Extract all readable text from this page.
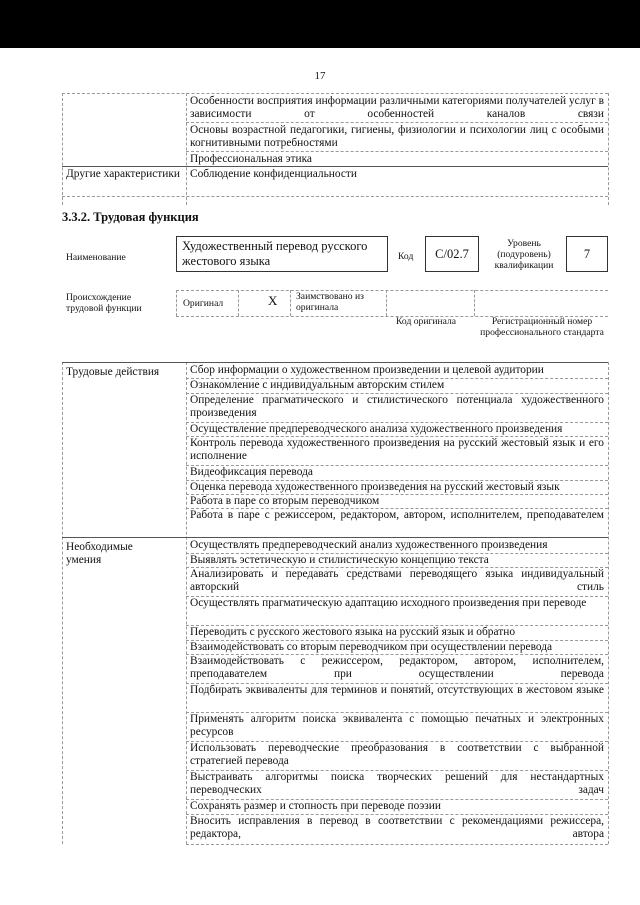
17
Особенности восприятия информации различными категориями получателей услуг в зависимости от особенностей каналов связи
Основы возрастной педагогики, гигиены, физиологии и психологии лиц с особыми когнитивными потребностями
Профессиональная этика
Другие характеристики Соблюдение конфиденциальности
3.3.2. Трудовая функция
Наименование
Художественный перевод русского жестового языка	Код	С/02.7
Уровень (подуровень) квалификации
7
Происхождение трудовой функции	Оригинал	X Заимствовано из оригинала
Код оригинала	Регистрационный номер профессионального стандарта
Трудовые действия	Сбор информации о художественном произведении и целевой аудитории
Ознакомление с индивидуальным авторским стилем
Определение прагматического и стилистического потенциала художественного произведения
Осуществление предпереводческого анализа художественного произведения
Контроль перевода художественного произведения на русский жестовый язык и его исполнение
Видеофиксация перевода
Оценка перевода художественного произведения на русский жестовый язык
Работа в паре со вторым переводчиком
Работа в паре с режиссером, редактором, автором, исполнителем, преподавателем
Необходимые умения
Осуществлять предпереводческий анализ художественного произведения
Выявлять эстетическую и стилистическую концепцию текста
Анализировать и передавать средствами переводящего языка индивидуальный авторский стиль
Осуществлять прагматическую адаптацию исходного произведения при переводе
Переводить с русского жестового языка на русский язык и обратно
Взаимодействовать со вторым переводчиком при осуществлении перевода
Взаимодействовать с режиссером, редактором, автором, исполнителем, преподавателем при осуществлении перевода
Подбирать эквиваленты для терминов и понятий, отсутствующих в жестовом языке
Применять алгоритм поиска эквивалента с помощью печатных и электронных ресурсов
Использовать переводческие преобразования в соответствии с выбранной стратегией перевода
Выстраивать алгоритмы поиска творческих решений для нестандартных переводческих задач
Сохранять размер и стопность при переводе поэзии
Вносить исправления в перевод в соответствии с рекомендациями режиссера, редактора, автора
